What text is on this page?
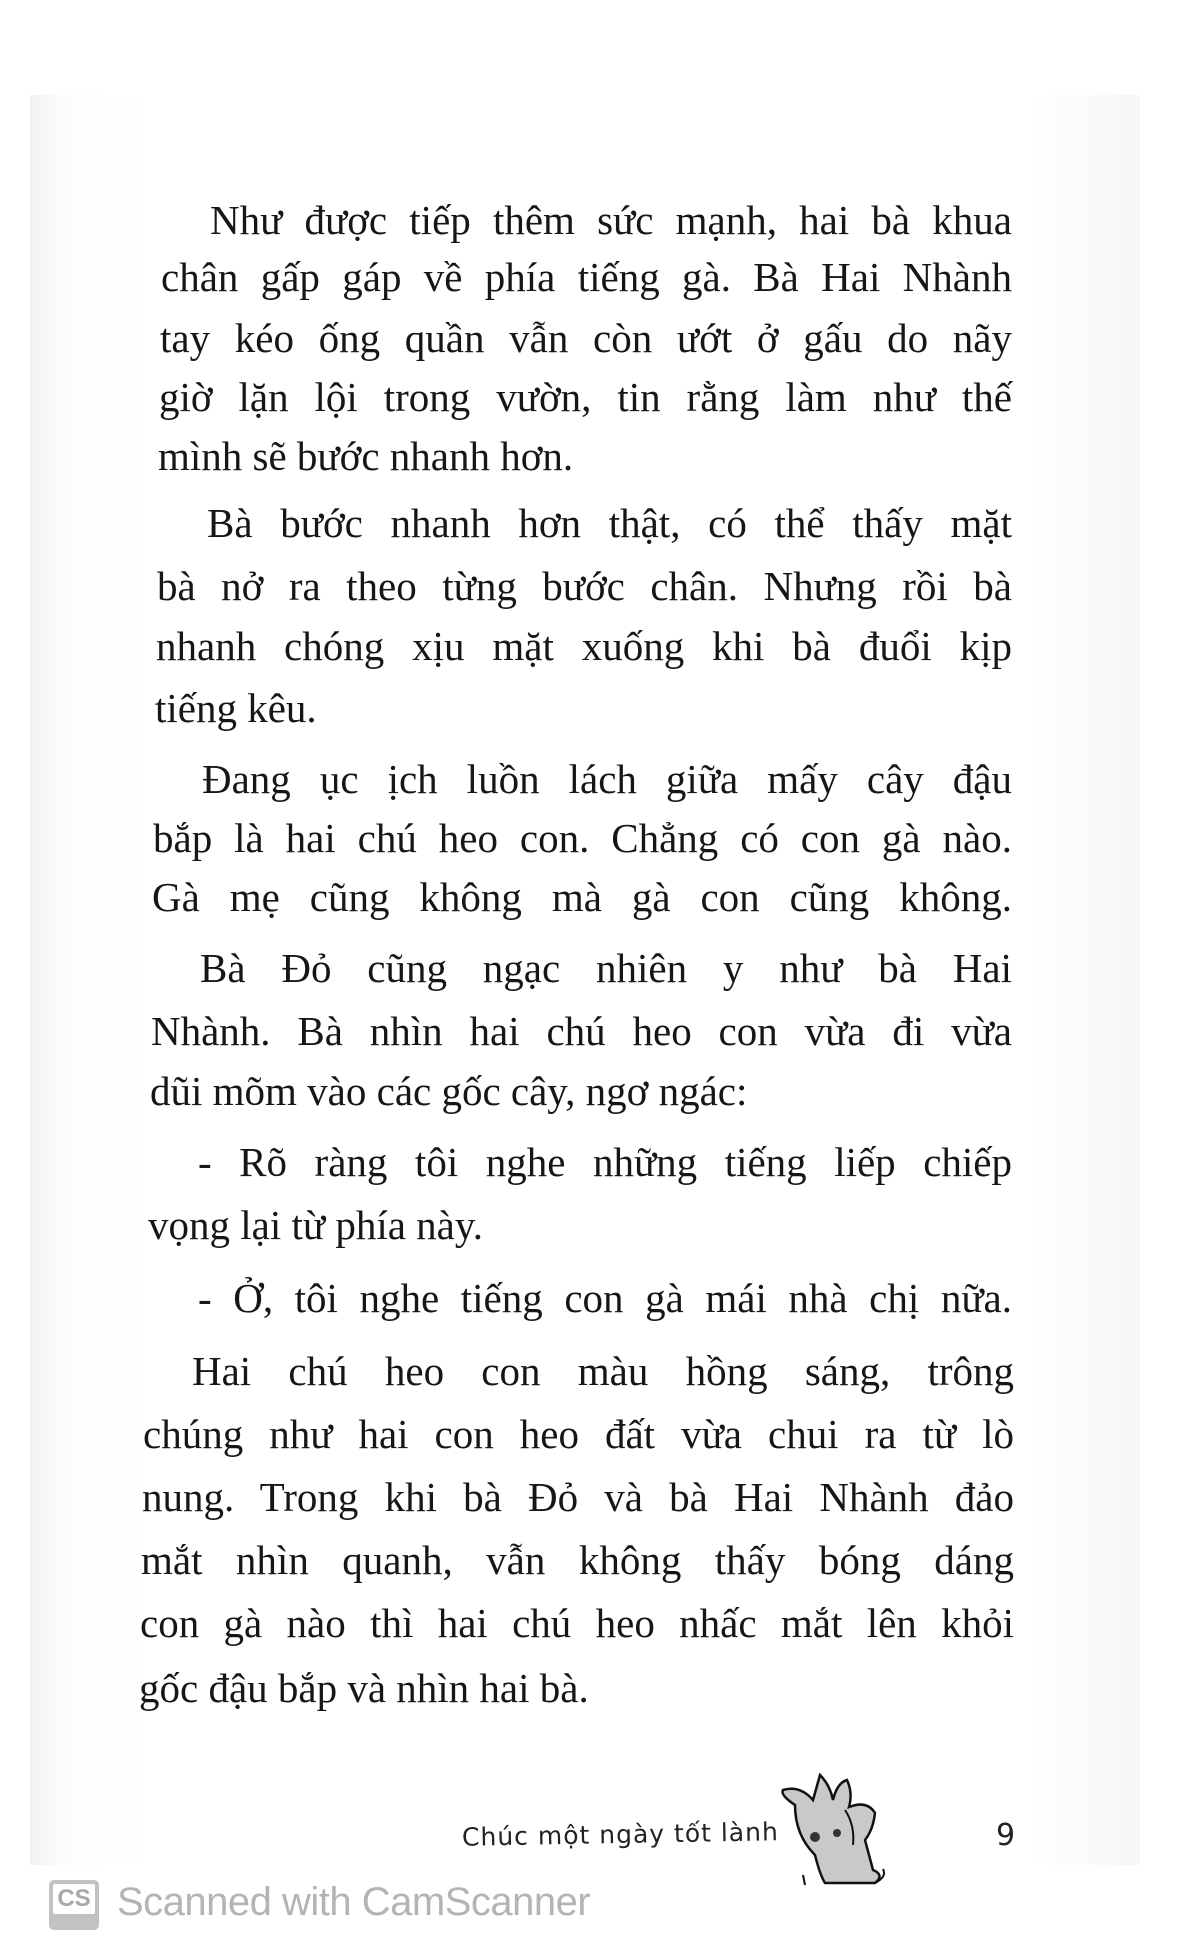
Như được tiếp thêm sức mạnh, hai bà khua
chân gấp gáp về phía tiếng gà. Bà Hai Nhành
tay kéo ống quần vẫn còn ướt ở gấu do nãy
giờ lặn lội trong vườn, tin rằng làm như thế
mình sẽ bước nhanh hơn.
Bà bước nhanh hơn thật, có thể thấy mặt
bà nở ra theo từng bước chân. Nhưng rồi bà
nhanh chóng xịu mặt xuống khi bà đuổi kịp
tiếng kêu.
Đang ục ịch luồn lách giữa mấy cây đậu
bắp là hai chú heo con. Chẳng có con gà nào.
Gà mẹ cũng không mà gà con cũng không.
Bà Đỏ cũng ngạc nhiên y như bà Hai
Nhành. Bà nhìn hai chú heo con vừa đi vừa
dũi mõm vào các gốc cây, ngơ ngác:
- Rõ ràng tôi nghe những tiếng liếp chiếp
vọng lại từ phía này.
- Ở, tôi nghe tiếng con gà mái nhà chị nữa.
Hai chú heo con màu hồng sáng, trông
chúng như hai con heo đất vừa chui ra từ lò
nung. Trong khi bà Đỏ và bà Hai Nhành đảo
mắt nhìn quanh, vẫn không thấy bóng dáng
con gà nào thì hai chú heo nhấc mắt lên khỏi
gốc đậu bắp và nhìn hai bà.
Chúc một ngày tốt lành	9
CS Scanned with CamScanner
